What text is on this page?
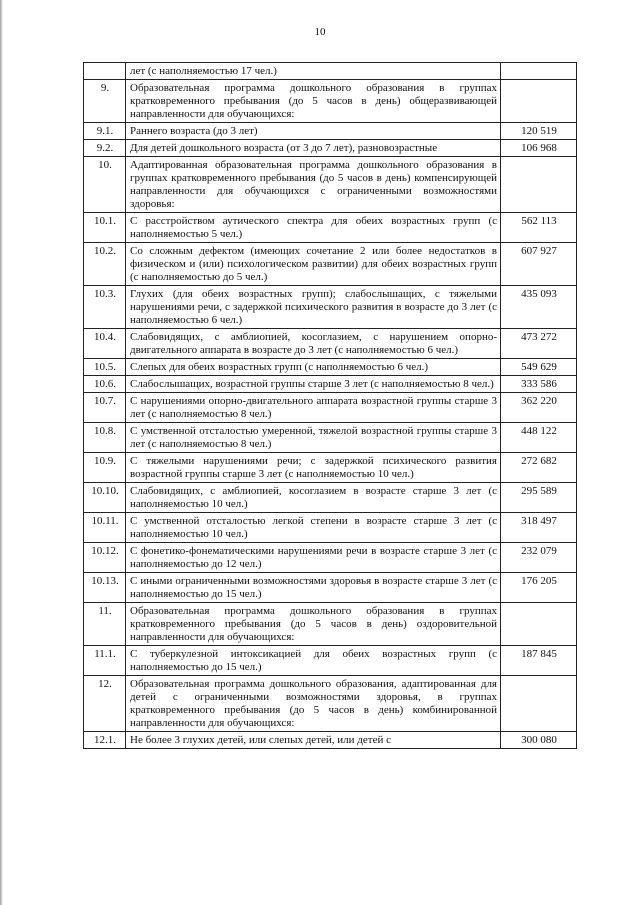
10
	лет (с наполняемостью 17 чел.)	
9.	Образовательная программа дошкольного образования в группах кратковременного пребывания (до 5 часов в день) общеразвивающей направленности для обучающихся:	
9.1.	Раннего возраста (до 3 лет)	120 519
9.2.	Для детей дошкольного возраста (от 3 до 7 лет), разновозрастные	106 968
10.	Адаптированная образовательная программа дошкольного образования в группах кратковременного пребывания (до 5 часов в день) компенсирующей направленности для обучающихся с ограниченными возможностями здоровья:	
10.1.	С расстройством аутического спектра для обеих возрастных групп (с наполняемостью 5 чел.)	562 113
10.2.	Со сложным дефектом (имеющих сочетание 2 или более недостатков в физическом и (или) психологическом развитии) для обеих возрастных групп (с наполняемостью до 5 чел.)	607 927
10.3.	Глухих (для обеих возрастных групп); слабослышащих, с тяжелыми нарушениями речи, с задержкой психического развития в возрасте до 3 лет (с наполняемостью 6 чел.)	435 093
10.4.	Слабовидящих, с амблиопией, косоглазием, с нарушением опорно-двигательного аппарата в возрасте до 3 лет (с наполняемостью 6 чел.)	473 272
10.5.	Слепых для обеих возрастных групп (с наполняемостью 6 чел.)	549 629
10.6.	Слабослышащих, возрастной группы старше 3 лет (с наполняемостью 8 чел.)	333 586
10.7.	С нарушениями опорно-двигательного аппарата возрастной группы старше 3 лет (с наполняемостью 8 чел.)	362 220
10.8.	С умственной отсталостью умеренной, тяжелой возрастной группы старше 3 лет (с наполняемостью 8 чел.)	448 122
10.9.	С тяжелыми нарушениями речи; с задержкой психического развития возрастной группы старше 3 лет (с наполняемостью 10 чел.)	272 682
10.10.	Слабовидящих, с амблиопией, косоглазием в возрасте старше 3 лет (с наполняемостью 10 чел.)	295 589
10.11.	С умственной отсталостью легкой степени в возрасте старше 3 лет (с наполняемостью 10 чел.)	318 497
10.12.	С фонетико-фонематическими нарушениями речи в возрасте старше 3 лет (с наполняемостью до 12 чел.)	232 079
10.13.	С иными ограниченными возможностями здоровья в возрасте старше 3 лет (с наполняемостью до 15 чел.)	176 205
11.	Образовательная программа дошкольного образования в группах кратковременного пребывания (до 5 часов в день) оздоровительной направленности для обучающихся:	
11.1.	С туберкулезной интоксикацией для обеих возрастных групп (с наполняемостью до 15 чел.)	187 845
12.	Образовательная программа дошкольного образования, адаптированная для детей с ограниченными возможностями здоровья, в группах кратковременного пребывания (до 5 часов в день) комбинированной направленности для обучающихся:	
12.1.	Не более 3 глухих детей, или слепых детей, или детей с	300 080
